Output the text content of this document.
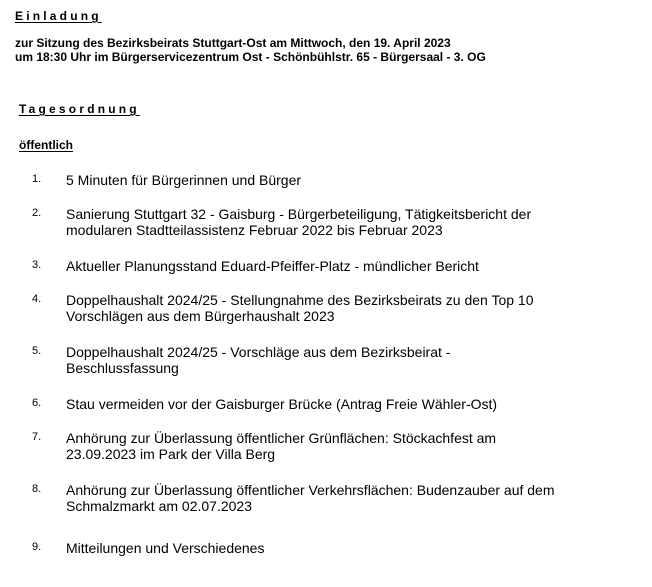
Einladung
zur Sitzung des Bezirksbeirats Stuttgart-Ost am Mittwoch, den 19. April 2023
um 18:30 Uhr im Bürgerservicezentrum Ost - Schönbühlstr. 65 - Bürgersaal - 3. OG
Tagesordnung
öffentlich
1. 5 Minuten für Bürgerinnen und Bürger
2. Sanierung Stuttgart 32 - Gaisburg - Bürgerbeteiligung, Tätigkeitsbericht der
modularen Stadtteilassistenz Februar 2022 bis Februar 2023
3. Aktueller Planungsstand Eduard-Pfeiffer-Platz - mündlicher Bericht
4. Doppelhaushalt 2024/25 - Stellungnahme des Bezirksbeirats zu den Top 10
Vorschlägen aus dem Bürgerhaushalt 2023
5. Doppelhaushalt 2024/25 - Vorschläge aus dem Bezirksbeirat -
Beschlussfassung
6. Stau vermeiden vor der Gaisburger Brücke (Antrag Freie Wähler-Ost)
7. Anhörung zur Überlassung öffentlicher Grünflächen: Stöckachfest am
23.09.2023 im Park der Villa Berg
8. Anhörung zur Überlassung öffentlicher Verkehrsflächen: Budenzauber auf dem
Schmalzmarkt am 02.07.2023
9. Mitteilungen und Verschiedenes
